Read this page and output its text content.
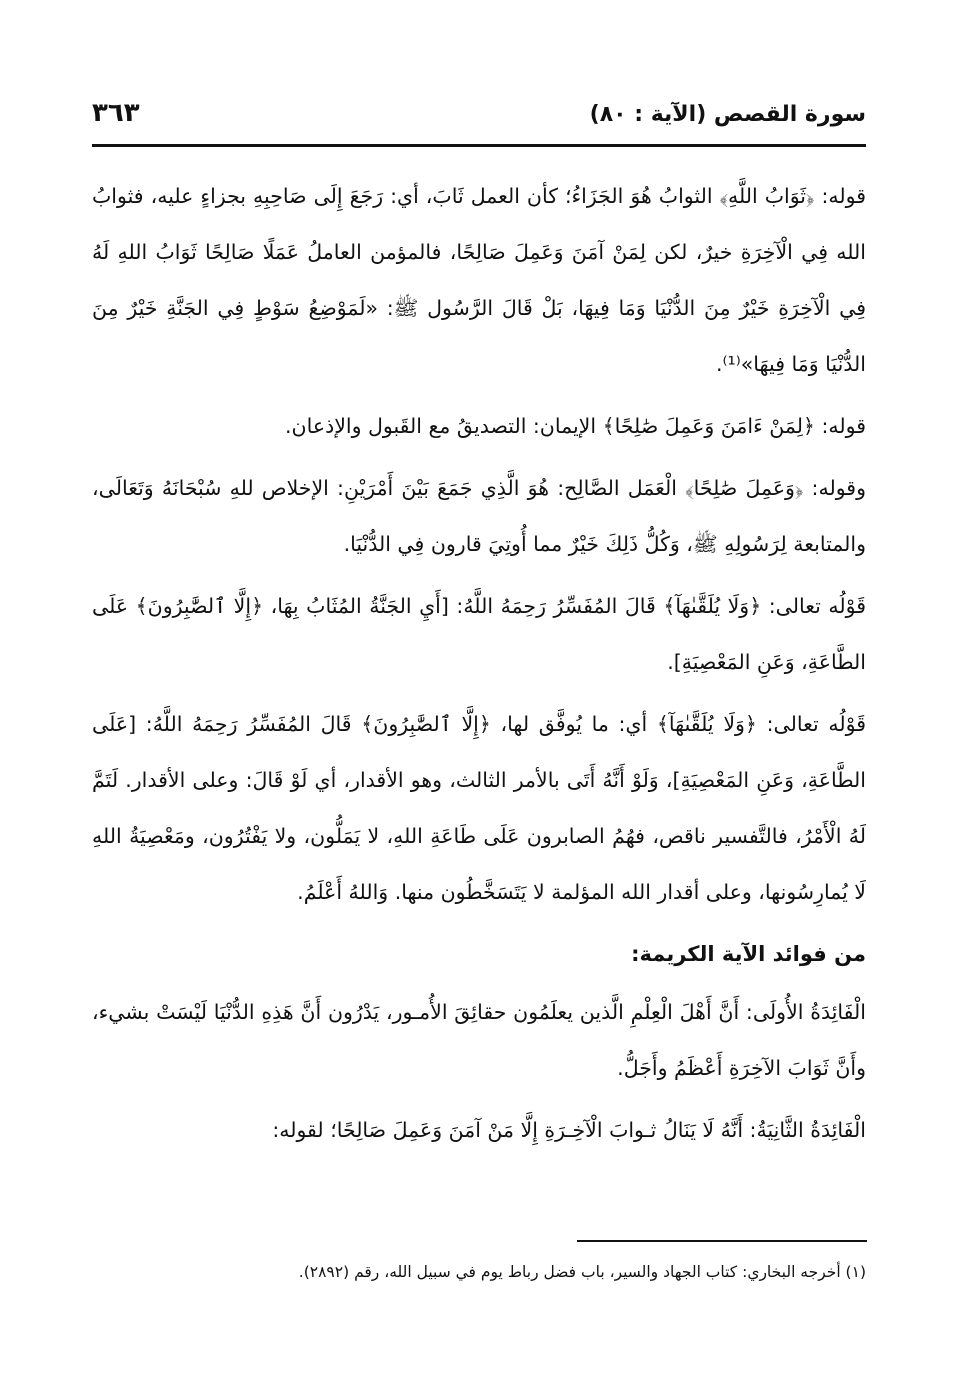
سورة القصص (الآية : ٨٠)
٣٦٣

قوله: ﴿ثَوَابُ اللَّهِ﴾ الثوابُ هُوَ الجَزَاءُ؛ كأن العمل ثَابَ، أي: رَجَعَ إِلَى صَاحِبِهِ بجزاءٍ عليه، فثوابُ الله فِي الْآخِرَةِ خيرٌ، لكن لِمَنْ آمَنَ وَعَمِلَ صَالِحًا، فالمؤمن العاملُ عَمَلًا صَالِحًا ثَوَابُ اللهِ لَهُ فِي الْآخِرَةِ خَيْرٌ مِنَ الدُّنْيَا وَمَا فِيهَا، بَلْ قَالَ الرَّسُول ﷺ: «لَمَوْضِعُ سَوْطٍ فِي الجَنَّةِ خَيْرٌ مِنَ الدُّنْيَا وَمَا فِيهَا»⁽¹⁾.

قوله: ﴿لِمَنْ ءَامَنَ وَعَمِلَ صَٰلِحًا﴾ الإيمان: التصديقُ مع القَبول والإذعان.

وقوله: ﴿وَعَمِلَ صَٰلِحًا﴾ الْعَمَل الصَّالِح: هُوَ الَّذِي جَمَعَ بَيْنَ أَمْرَيْنِ: الإخلاص للهِ سُبْحَانَهُ وَتَعَالَى، والمتابعة لِرَسُولِهِ ﷺ، وَكُلُّ ذَلِكَ خَيْرٌ مما أُوتِيَ قارون فِي الدُّنْيَا.

قَوْلُه تعالى: ﴿وَلَا يُلَقَّىٰهَآ﴾ قَالَ المُفَسِّرُ رَحِمَهُ اللَّهُ: [أَيِ الجَنَّةُ المُثَابُ بِهَا، ﴿إِلَّا ٱلصَّٰبِرُونَ﴾ عَلَى الطَّاعَةِ، وَعَنِ المَعْصِيَةِ].

قَوْلُه تعالى: ﴿وَلَا يُلَقَّىٰهَآ﴾ أي: ما يُوفَّق لها، ﴿إِلَّا ٱلصَّٰبِرُونَ﴾ قَالَ المُفَسِّرُ رَحِمَهُ اللَّهُ: [عَلَى الطَّاعَةِ، وَعَنِ المَعْصِيَةِ]، وَلَوْ أَنَّهُ أَتَى بالأمر الثالث، وهو الأقدار، أي لَوْ قَالَ: وعلى الأقدار. لَتَمَّ لَهُ الْأَمْرُ، فالتَّفسير ناقص، فهُمُ الصابرون عَلَى طَاعَةِ اللهِ، لا يَمَلُّون، ولا يَفْتُرُون، ومَعْصِيَةُ اللهِ لَا يُمارِسُونها، وعلى أقدار الله المؤلمة لا يَتَسَخَّطُون منها. وَاللهُ أَعْلَمُ.

من فوائد الآية الكريمة:

الْفَائِدَةُ الأُولَى: أَنَّ أَهْلَ الْعِلْمِ الَّذين يعلَمُون حقائِقَ الأُمـور، يَدْرُون أَنَّ هَذِهِ الدُّنْيَا لَيْسَتْ بشيء، وأَنَّ ثَوَابَ الآخِرَةِ أَعْظَمُ وأَجَلُّ.

الْفَائِدَةُ الثَّانِيَةُ: أَنَّهُ لَا يَنَالُ ثـوابَ الْآخِـرَةِ إِلَّا مَنْ آمَنَ وَعَمِلَ صَالِحًا؛ لقوله:

(١) أخرجه البخاري: كتاب الجهاد والسير، باب فضل رباط يوم في سبيل الله، رقم (٢٨٩٢).
